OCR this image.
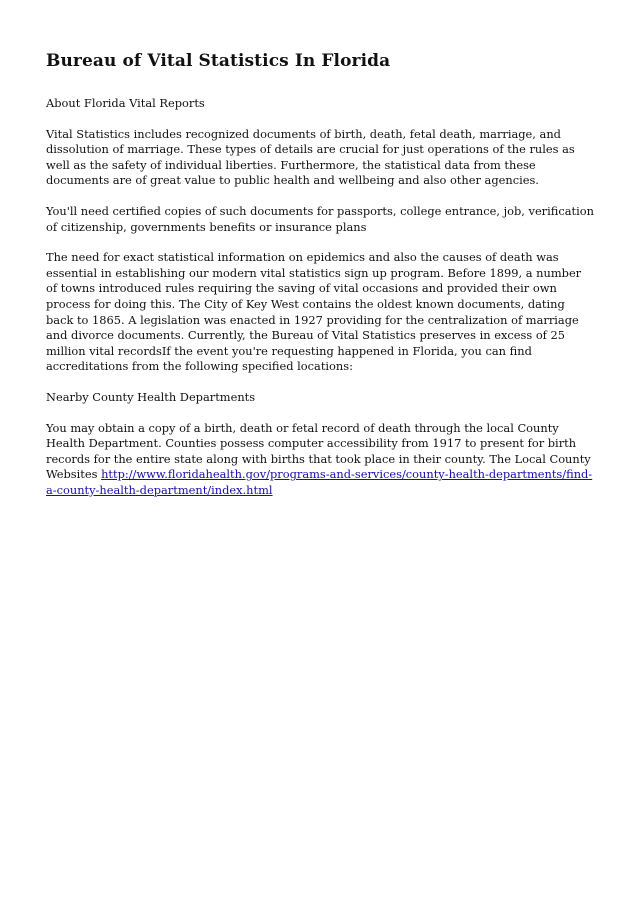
Bureau of Vital Statistics In Florida

About Florida Vital Reports

Vital Statistics includes recognized documents of birth, death, fetal death, marriage, and dissolution of marriage. These types of details are crucial for just operations of the rules as well as the safety of individual liberties. Furthermore, the statistical data from these documents are of great value to public health and wellbeing and also other agencies.

You'll need certified copies of such documents for passports, college entrance, job, verification of citizenship, governments benefits or insurance plans

The need for exact statistical information on epidemics and also the causes of death was essential in establishing our modern vital statistics sign up program. Before 1899, a number of towns introduced rules requiring the saving of vital occasions and provided their own process for doing this. The City of Key West contains the oldest known documents, dating back to 1865. A legislation was enacted in 1927 providing for the centralization of marriage and divorce documents. Currently, the Bureau of Vital Statistics preserves in excess of 25 million vital recordsIf the event you're requesting happened in Florida, you can find accreditations from the following specified locations:

Nearby County Health Departments

You may obtain a copy of a birth, death or fetal record of death through the local County Health Department. Counties possess computer accessibility from 1917 to present for birth records for the entire state along with births that took place in their county. The Local County Websites http://www.floridahealth.gov/programs-and-services/county-health-departments/find-a-county-health-department/index.html
